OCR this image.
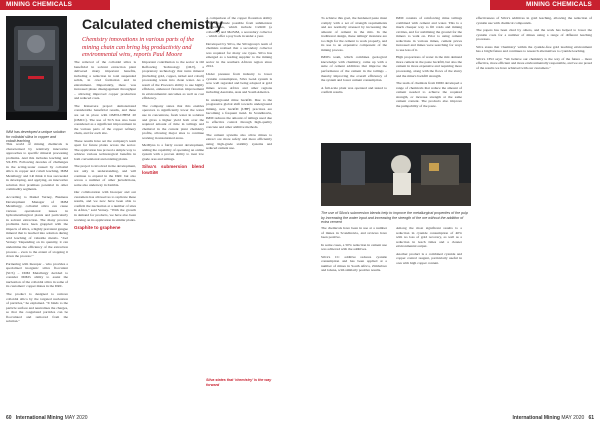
MINING CHEMICALS	MINING CHEMICALS
IMM has developed a unique solution for colloidal silica in copper and cobalt leaching
Calculated chemistry
Chemistry innovations in various parts of the mining chain can bring big productivity and environmental wins, reports Paul Moore

This world of mining chemicals is characterised by relatively innovative approaches to specific mineral processing problems. And this includes leaching and SX-EW. Following decades of challenges in the acting-water caused by colloidal silica in copper and cobalt leaching, IMM Metallurgy and LR think it has succeeded in developing, and applying, an innovative solution that promises potential in other commodity segments.

According to Daniel Verney, Business Development Manager of IMM Metallurgy, colloidal silica can cause various operational issues in hydrometallurgical plants and particularly in solvent extraction. The many process problems have been grappled with the impacts of silica, a highly prevalent gangue mineral that is leached into solution during acid leaching of valuable metals. "Joel Verney: 'Depending on its quantity, it can undermine the efficiency of the extraction process – even to the extent of stopping it down the process.'"

Partnering with Inorepar – who provides a specialised inorganic silica flocculant (SCS) – IMM Metallurgy decided to consider IMM's ability to assist the nucleation of the colloidal silica in some of its customers' copper mines in the DRC.

The product is designed to remove colloidal silica by the targeted nucleation of particles," he explained. "It binds to the particle surface and neutralises the charges, so that the coagulated particles can be flocculated and removed from the solution."

The removal of the colloidal silica is beneficial in solvent extraction plant delivered many important benefits, including a reduction in total suspended solids, in crud formation and in entrainment. Importantly, there was increased phase disengagement throughput – allowing improved copper production and reduced costs.

The Kinsevere project demonstrated considerable beneficial results, and these are set in place with OMNI-CHEM 20 (OMCC). The use of SCS has also been considered as a significant improvement in the various parts of the copper refinery chain, and for each site.

These results have set the company's team apart for future plants across the sector. The application has proved a simple way to achieve various technological benefits in both conventional and existing plants.

The project is involved in the development, not only in understanding, and will continue to expand in the DRC but also across a number of other jurisdictions, some also underway in Zambia.

Our collaboration with Inorepar and our customers has allowed us to replicate these results, and we now have been able to confirm the nucleation at a number of sites in Africa," said Verney. "With the growth in demand for products, we have also been working on its application in similar plants.

Graphite to graphene

Important contribution to the sector is Oil Reflowing Technology (OLT), a proprietary technology that turns mineral (including gold, copper, nickel and cobalt) processing waste into clean water. As a result of the Process's ability to use highly efficient, enhanced flotation improvement in environmental outcomes as well as cost efficiency.

The company states that this enables operators to significantly lower the water use in concentrate, fresh water in solution and gives a higher yield both over the required amount of time in tailings and chemical in the current plant chemistry profile, allowing major sites to continue working in unsaturated areas.

MetDyna is a fairly recent development, adding the capability of operating an online system with a proven ability to treat low grade ores and tailings.

Silva's submersion blend lowSiM

A comparison of the copper floatation ability was also made possible from submersion technologies, which include CuSiM (a collector) and MetSiM, a secondary collector – which offer a pay back in under a year.

Developed by Silva, the Silvagroup's team of chemists realised that a secondary collector was required for many ore types. Silva has emerged as a leading supplier to the mining sector in the southern African region since 2012.

Under pressure from industry to lower cyanide consumption, Silva Gen4 system is now well regarded and being adopted at gold mines across Africa and other regions including Australia, Asia and South America.

In underground mine backfill. Due to the progressive global shift towards underground mining, new backfill (UBF) practices are becoming a frequent trend. In Scandinavia, IMM reduces the amount of tailings used due to effective control through high-quality concrete and other additive methods.

The cement systems also allow mines to extract ore more safely and more efficiently using high-grade stability systems and reduced cement use.

Silva states that 'chemistry' is the way forward
The use of Silva's submersion blends help to improve the metallurgical properties of the pulp by increasing the water input and increasing the strength of the ore without the addition of extra cement

To achieve this goal, the hardened paste must comply with a set of strength requirements and are normally stressed by increasing the amount of cement in the mix. In the traditional design, these tailings' moisture are too high for the cement to work properly, and its use is an expensive component of the mining process.

IMM's team, which combines geological knowledge with chemistry, came up with a suite of cement additives that improve the performance of the cement in the tailings – thereby improving the overall efficiency of the system and lower cement consumption.

A full-scale plant was operated and tested to confirm results.

The chemicals have been in use at a number of mines in Scandinavia, and reviews have been positive.

In some cases, a 50% reduction in cement use was achieved with the additives.

Silva's CC additive reduces cyanide consumption and has been applied at a number of mines in South Africa, Zimbabwe and Ghana, with similarly positive results.

IMM consists of reinforcing mine tailings combined with cement and water. This is a much cheaper way to fill voids and mining cavities, and for stabilising the ground for the miners to walk on. Prior to using cement reductions in various mines, cement prices increased and mines were searching for ways to use less of it.

High proportions of water in the mix demand more cement in the paste backfill, but also the cement in more expensive and requiring more processing, along with the flows of the slurry and the mine's backfill strength.

The team of chemists from IMM developed a range of chemicals that reduce the amount of cement needed to achieve the required strength, or increase strength at the same cement content. The products also improve the pumpability of the paste.

Among the most significant results is a reduction in cyanide consumption of 40% with no loss of gold recovery, as well as a reduction in leach times and a cleaner environmental output.

Another product is a combined cyanide and copper control reagent, particularly useful in ores with high copper content.

effectiveness of Silva's additives in gold leaching, allowing the reduction of cyanide use with chemical compounds.

The papers has been cited by others, and the work has helped to lower the cyanide costs for a number of mines using a range of different leaching processes.

Silva states that 'chemistry' within the cyanide-free gold leaching environment has a bright future and continues to research alternatives to cyanide leaching.

Silva's CEO says: "We believe our chemistry is the way of the future – more effective, more efficient and more environmentally responsible, and we are proud of the results we have achieved with our customers."

60 International Mining MAY 2020	International Mining MAY 2020 61
